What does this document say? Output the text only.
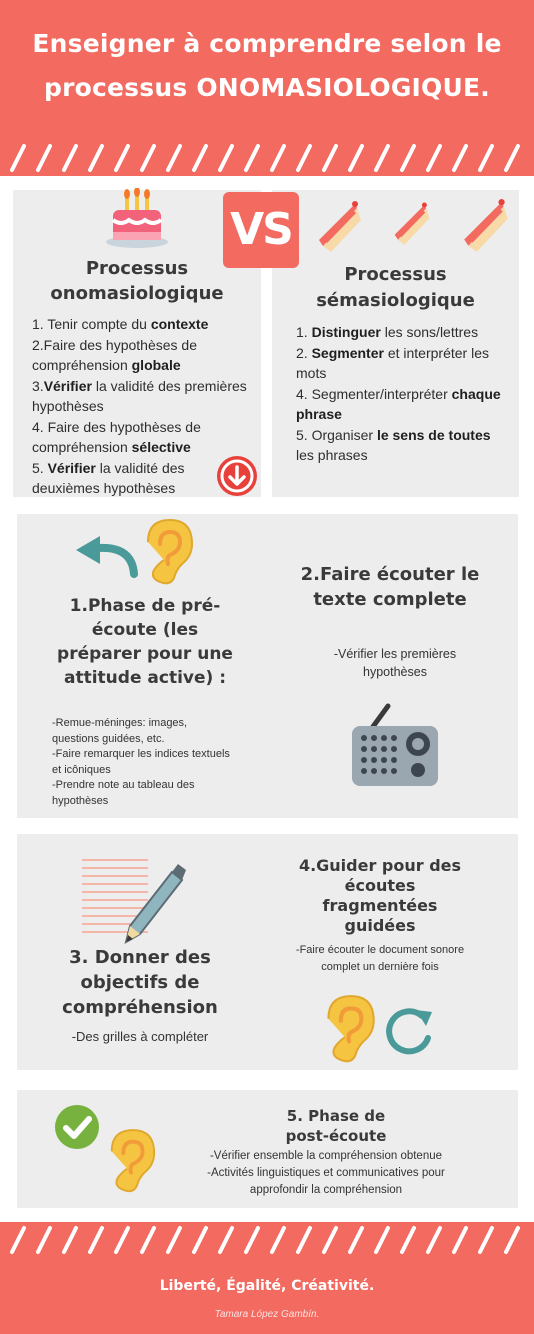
Enseigner à comprendre selon le
processus ONOMASIOLOGIQUE.
VS
Processus
onomasiologique
1. Tenir compte du contexte
2.Faire des hypothèses de compréhension globale
3.Vérifier la validité des premières hypothèses
4. Faire des hypothèses de compréhension sélective
5. Vérifier la validité des deuxièmes hypothèses
Processus
sémasiologique
1. Distinguer les sons/lettres
2. Segmenter et interpréter les mots
4. Segmenter/interpréter chaque phrase
5. Organiser le sens de toutes les phrases
1.Phase de pré-écoute (les préparer pour une attitude active) :
-Remue-méninges: images, questions guidées, etc.
-Faire remarquer les indices textuels et icôniques
-Prendre note au tableau des hypothèses
2.Faire écouter le texte complete
-Vérifier les premières hypothèses
3. Donner des objectifs de compréhension
-Des grilles à compléter
4.Guider pour des écoutes fragmentées guidées
-Faire écouter le document sonore complet un dernière fois
5. Phase de
post-écoute
-Vérifier ensemble la compréhension obtenue
-Activités linguistiques et communicatives pour approfondir la compréhension
Liberté, Égalité, Créativité.
Tamara López Gambín.
